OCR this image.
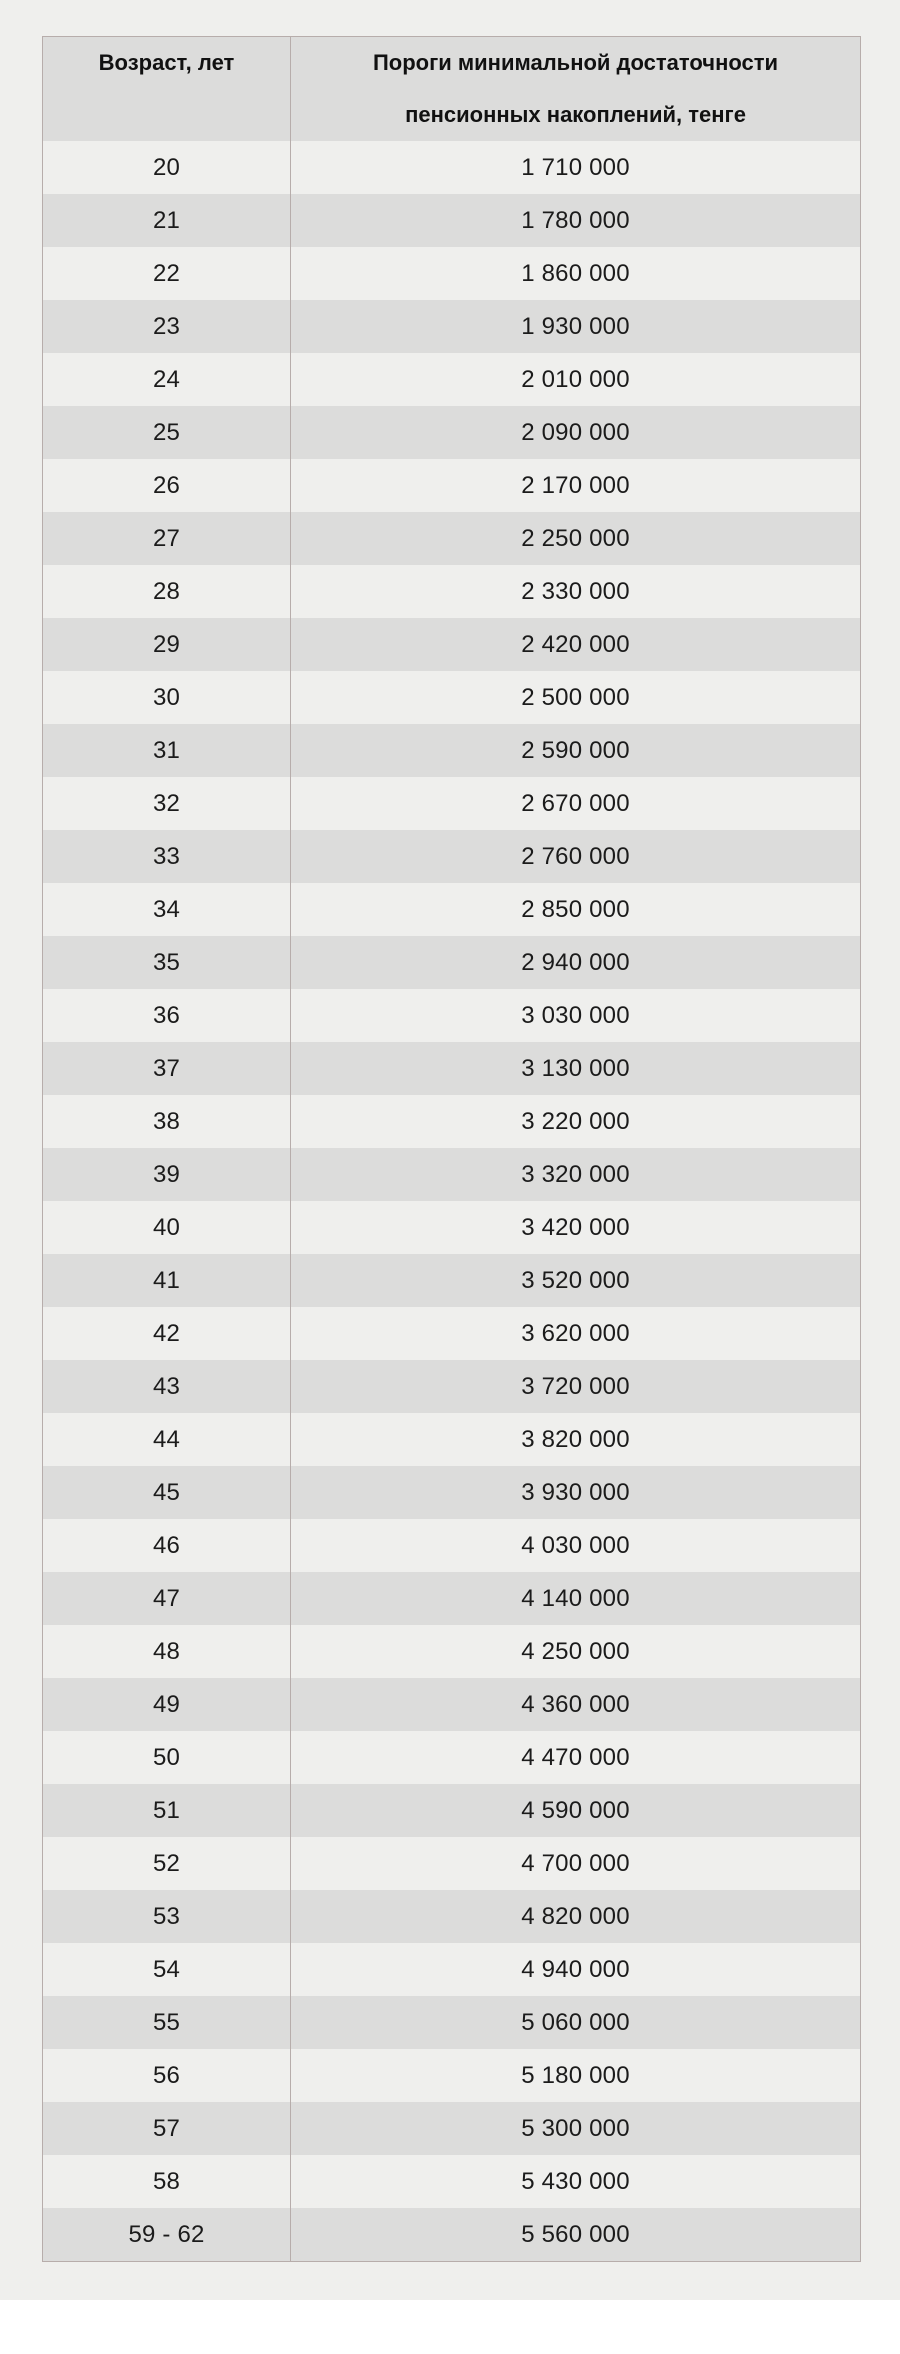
Возраст, лет	Пороги минимальной достаточности
пенсионных накоплений, тенге

20	1 710 000
21	1 780 000
22	1 860 000
23	1 930 000
24	2 010 000
25	2 090 000
26	2 170 000
27	2 250 000
28	2 330 000
29	2 420 000
30	2 500 000
31	2 590 000
32	2 670 000
33	2 760 000
34	2 850 000
35	2 940 000
36	3 030 000
37	3 130 000
38	3 220 000
39	3 320 000
40	3 420 000
41	3 520 000
42	3 620 000
43	3 720 000
44	3 820 000
45	3 930 000
46	4 030 000
47	4 140 000
48	4 250 000
49	4 360 000
50	4 470 000
51	4 590 000
52	4 700 000
53	4 820 000
54	4 940 000
55	5 060 000
56	5 180 000
57	5 300 000
58	5 430 000
59 - 62	5 560 000
